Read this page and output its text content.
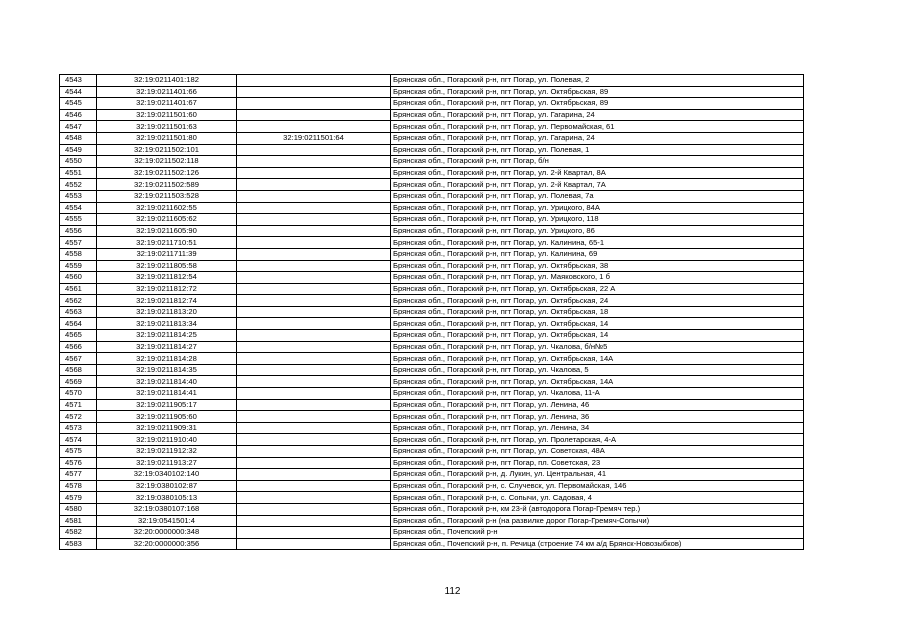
4543	32:19:0211401:182		Брянская обл., Погарский р-н, пгт Погар, ул. Полевая, 2
4544	32:19:0211401:66		Брянская обл., Погарский р-н, пгт Погар, ул. Октябрьская, 89
4545	32:19:0211401:67		Брянская обл., Погарский р-н, пгт Погар, ул. Октябрьская, 89
4546	32:19:0211501:60		Брянская обл., Погарский р-н, пгт Погар, ул. Гагарина, 24
4547	32:19:0211501:63		Брянская обл., Погарский р-н, пгт Погар, ул. Первомайская, 61
4548	32:19:0211501:80	32:19:0211501:64	Брянская обл., Погарский р-н, пгт Погар, ул. Гагарина, 24
4549	32:19:0211502:101		Брянская обл., Погарский р-н, пгт Погар, ул. Полевая, 1
4550	32:19:0211502:118		Брянская обл., Погарский р-н, пгт Погар, б/н
4551	32:19:0211502:126		Брянская обл., Погарский р-н, пгт Погар, ул. 2-й Квартал, 8А
4552	32:19:0211502:589		Брянская обл., Погарский р-н, пгт Погар, ул. 2-й Квартал, 7А
4553	32:19:0211503:528		Брянская обл., Погарский р-н, пгт Погар, ул. Полевая, 7а
4554	32:19:0211602:55		Брянская обл., Погарский р-н, пгт Погар, ул. Урицкого, 84А
4555	32:19:0211605:62		Брянская обл., Погарский р-н, пгт Погар, ул. Урицкого, 118
4556	32:19:0211605:90		Брянская обл., Погарский р-н, пгт Погар, ул. Урицкого, 86
4557	32:19:0211710:51		Брянская обл., Погарский р-н, пгт Погар, ул. Калинина, 65-1
4558	32:19:0211711:39		Брянская обл., Погарский р-н, пгт Погар, ул. Калинина, 69
4559	32:19:0211805:58		Брянская обл., Погарский р-н, пгт Погар, ул. Октябрьская, 38
4560	32:19:0211812:54		Брянская обл., Погарский р-н, пгт Погар, ул. Маяковского, 1 б
4561	32:19:0211812:72		Брянская обл., Погарский р-н, пгт Погар, ул. Октябрьская, 22 А
4562	32:19:0211812:74		Брянская обл., Погарский р-н, пгт Погар, ул. Октябрьская, 24
4563	32:19:0211813:20		Брянская обл., Погарский р-н, пгт Погар, ул. Октябрьская, 18
4564	32:19:0211813:34		Брянская обл., Погарский р-н, пгт Погар, ул. Октябрьская, 14
4565	32:19:0211814:25		Брянская обл., Погарский р-н, пгт Погар, ул. Октябрьская, 14
4566	32:19:0211814:27		Брянская обл., Погарский р-н, пгт Погар, ул. Чкалова, б/н№5
4567	32:19:0211814:28		Брянская обл., Погарский р-н, пгт Погар, ул. Октябрьская, 14А
4568	32:19:0211814:35		Брянская обл., Погарский р-н, пгт Погар, ул. Чкалова, 5
4569	32:19:0211814:40		Брянская обл., Погарский р-н, пгт Погар, ул. Октябрьская, 14А
4570	32:19:0211814:41		Брянская обл., Погарский р-н, пгт Погар, ул. Чкалова, 11-А
4571	32:19:0211905:17		Брянская обл., Погарский р-н, пгт Погар, ул. Ленина, 46
4572	32:19:0211905:60		Брянская обл., Погарский р-н, пгт Погар, ул. Ленина, 36
4573	32:19:0211909:31		Брянская обл., Погарский р-н, пгт Погар, ул. Ленина, 34
4574	32:19:0211910:40		Брянская обл., Погарский р-н, пгт Погар, ул. Пролетарская, 4-А
4575	32:19:0211912:32		Брянская обл., Погарский р-н, пгт Погар, ул. Советская, 48А
4576	32:19:0211913:27		Брянская обл., Погарский р-н, пгт Погар, пл. Советская, 23
4577	32:19:0340102:140		Брянская обл., Погарский р-н, д. Лукин, ул. Центральная, 41
4578	32:19:0380102:87		Брянская обл., Погарский р-н, с. Случевск, ул. Первомайская, 146
4579	32:19:0380105:13		Брянская обл., Погарский р-н, с. Сопычи, ул. Садовая, 4
4580	32:19:0380107:168		Брянская обл., Погарский р-н, км 23-й (автодорога Погар-Гремяч тер.)
4581	32:19:0541501:4		Брянская обл., Погарский р-н (на развилке дорог Погар-Гремяч-Сопычи)
4582	32:20:0000000:348		Брянская обл., Почепский р-н
4583	32:20:0000000:356		Брянская обл., Почепский р-н, п. Речица (строение 74 км а/д Брянск-Новозыбков)
112
